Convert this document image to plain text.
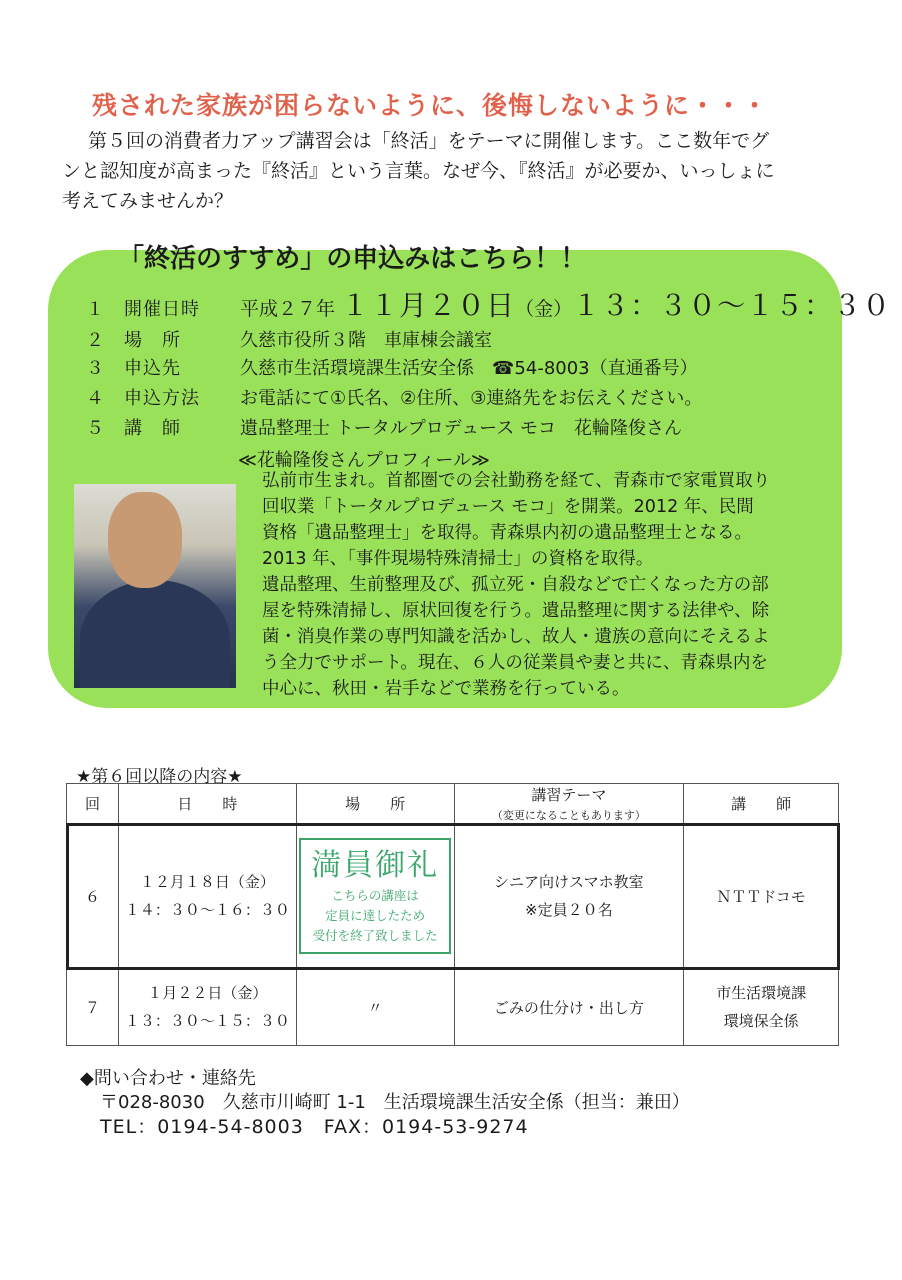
残された家族が困らないように、後悔しないように・・・

第５回の消費者力アップ講習会は「終活」をテーマに開催します。ここ数年でグ
ンと認知度が高まった『終活』という言葉。なぜ今、『終活』が必要か、いっしょに
考えてみませんか？

「終活のすすめ」の申込みはこちら！！
１ 開催日時 平成２７年 １１月２０日（金）１３：３０〜１５：３０
２ 場　所	久慈市役所３階　車庫棟会議室
３ 申込先	久慈市生活環境課生活安全係　☎54-8003（直通番号）
４ 申込方法 お電話にて①氏名、②住所、③連絡先をお伝えください。
５ 講　師	遺品整理士 トータルプロデュース モコ　花輪隆俊さん
≪花輪隆俊さんプロフィール≫
弘前市生まれ。首都圏での会社勤務を経て、青森市で家電買取り
回収業「トータルプロデュース モコ」を開業。2012 年、民間
資格「遺品整理士」を取得。青森県内初の遺品整理士となる。
2013 年、「事件現場特殊清掃士」の資格を取得。
遺品整理、生前整理及び、孤立死・自殺などで亡くなった方の部
屋を特殊清掃し、原状回復を行う。遺品整理に関する法律や、除
菌・消臭作業の専門知識を活かし、故人・遺族の意向にそえるよ
う全力でサポート。現在、６人の従業員や妻と共に、青森県内を
中心に、秋田・岩手などで業務を行っている。
★第６回以降の内容★
回	日　　時	場　　所	講習テーマ（変更になることもあります）	講　　師
６	１２月１８日（金）
１４：３０〜１６：３０	満員御礼
こちらの講座は
定員に達したため
受付を終了致しました	シニア向けスマホ教室
※定員２０名	ＮＴＴドコモ
７	１月２２日（金）
１３：３０〜１５：３０	〃	ごみの仕分け・出し方	市生活環境課
環境保全係
◆問い合わせ・連絡先
〒028-8030　久慈市川崎町 1-1　生活環境課生活安全係（担当：兼田）
TEL：0194-54-8003　FAX：0194-53-9274
